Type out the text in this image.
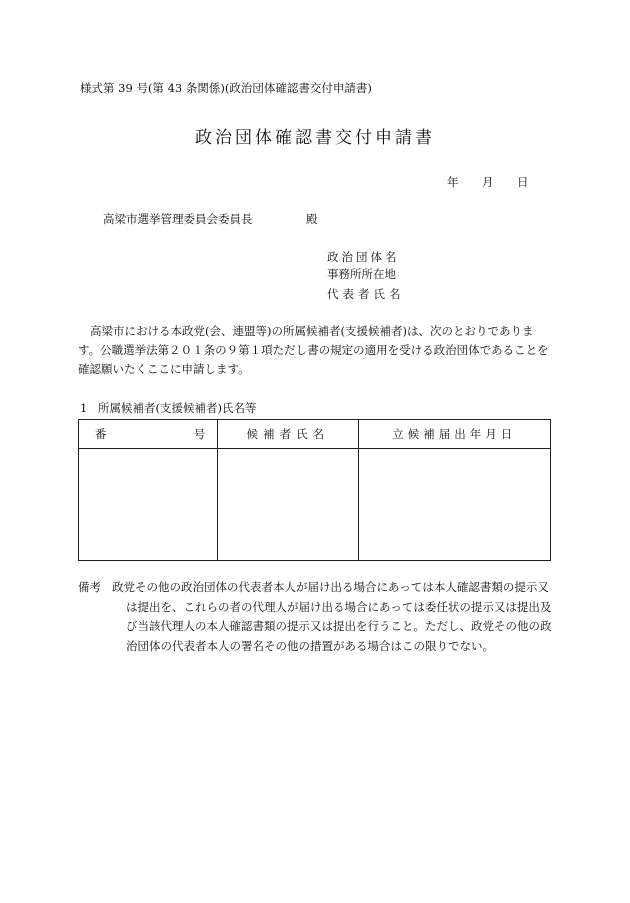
様式第 39 号(第 43 条関係)(政治団体確認書交付申請書)
政治団体確認書交付申請書
年 月 日
高梁市選挙管理委員会委員長	殿
政治団体名
事務所所在地
代表者氏名

高梁市における本政党(会、連盟等)の所属候補者(支援候補者)は、次のとおりであります。公職選挙法第２０１条の９第１項ただし書の規定の適用を受ける政治団体であることを確認願いたくここに申請します。

1 所属候補者(支援候補者)氏名等
番 号	候補者氏名	立候補届出年月日

備考 政党その他の政治団体の代表者本人が届け出る場合にあっては本人確認書類の提示又は提出を、これらの者の代理人が届け出る場合にあっては委任状の提示又は提出及び当該代理人の本人確認書類の提示又は提出を行うこと。ただし、政党その他の政治団体の代表者本人の署名その他の措置がある場合はこの限りでない。
